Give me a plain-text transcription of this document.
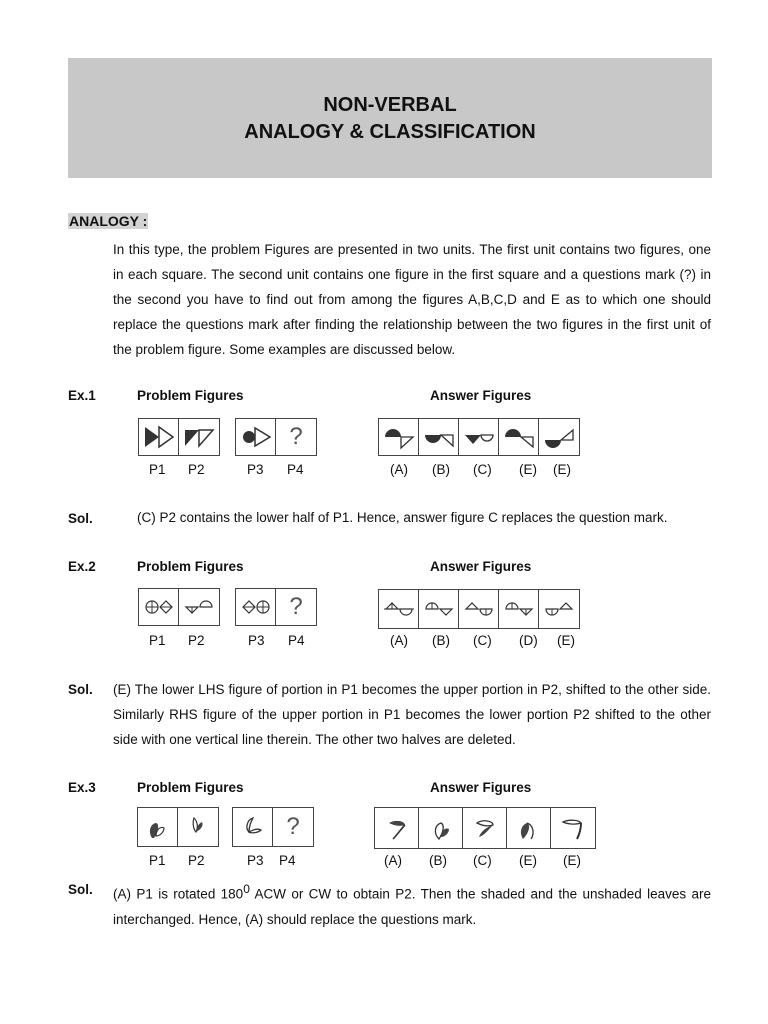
NON-VERBAL
ANALOGY & CLASSIFICATION
ANALOGY :
In this type, the problem Figures are presented in two units. The first unit contains two figures, one in each square. The second unit contains one figure in the first square and a questions mark (?) in the second you have to find out from among the figures A,B,C,D and E as to which one should replace the questions mark after finding the relationship between the two figures in the first unit of the problem figure. Some examples are discussed below.
Ex.1	Problem Figures	Answer Figures
?
P1 P2	P3 P4	(A) (B) (C) (E) (E)
Sol.	(C) P2 contains the lower half of P1. Hence, answer figure C replaces the question mark.
Ex.2	Problem Figures	Answer Figures
?
P1 P2	P3 P4	(A) (B) (C) (D) (E)
Sol. (E) The lower LHS figure of portion in P1 becomes the upper portion in P2, shifted to the other side. Similarly RHS figure of the upper portion in P1 becomes the lower portion P2 shifted to the other side with one vertical line therein. The other two halves are deleted.
Ex.3	Problem Figures	Answer Figures
?
P1 P2	P3 P4	(A) (B) (C) (E) (E)
Sol. (A) P1 is rotated $180^0$ ACW or CW to obtain P2. Then the shaded and the unshaded leaves are interchanged. Hence, (A) should replace the questions mark.
